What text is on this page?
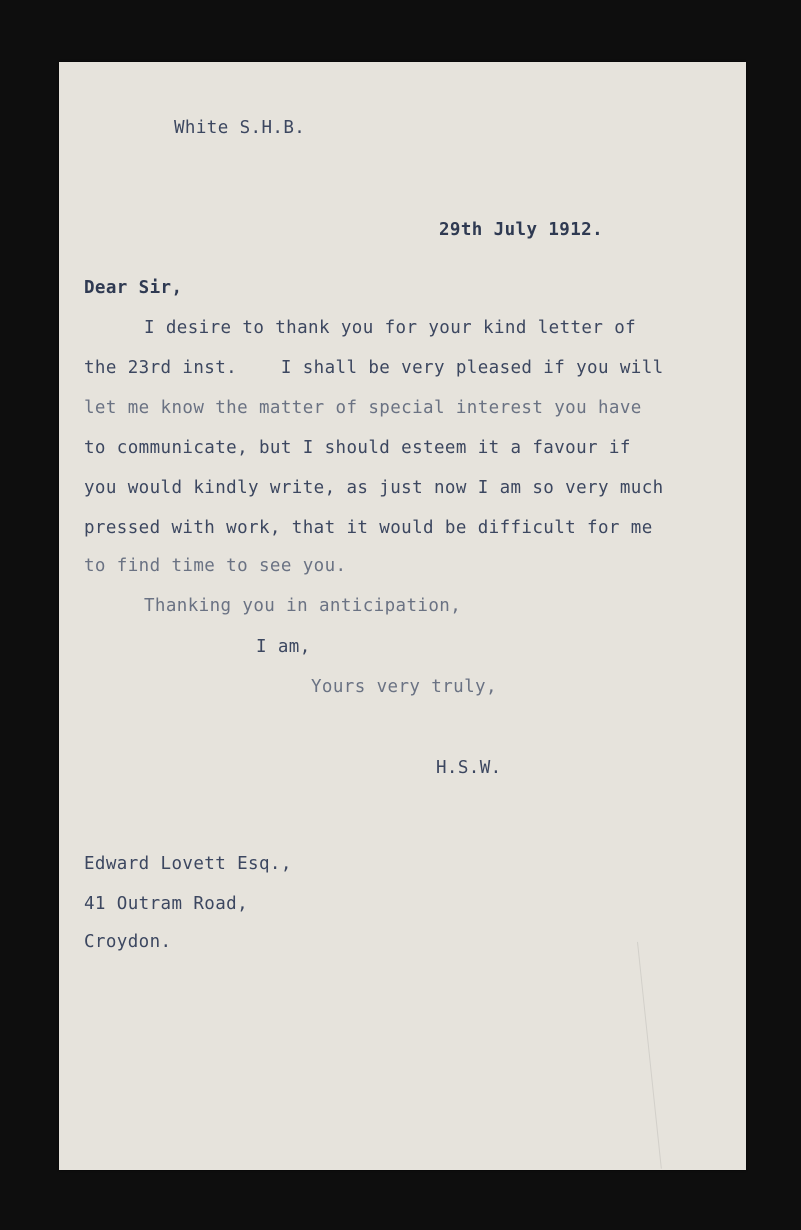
White S.H.B.

29th July 1912.

Dear Sir,

I desire to thank you for your kind letter of

the 23rd inst.    I shall be very pleased if you will

let me know the matter of special interest you have

to communicate, but I should esteem it a favour if

you would kindly write, as just now I am so very much

pressed with work, that it would be difficult for me

to find time to see you.

Thanking you in anticipation,

I am,

Yours very truly,

H.S.W.

Edward Lovett Esq.,

41 Outram Road,

Croydon.
